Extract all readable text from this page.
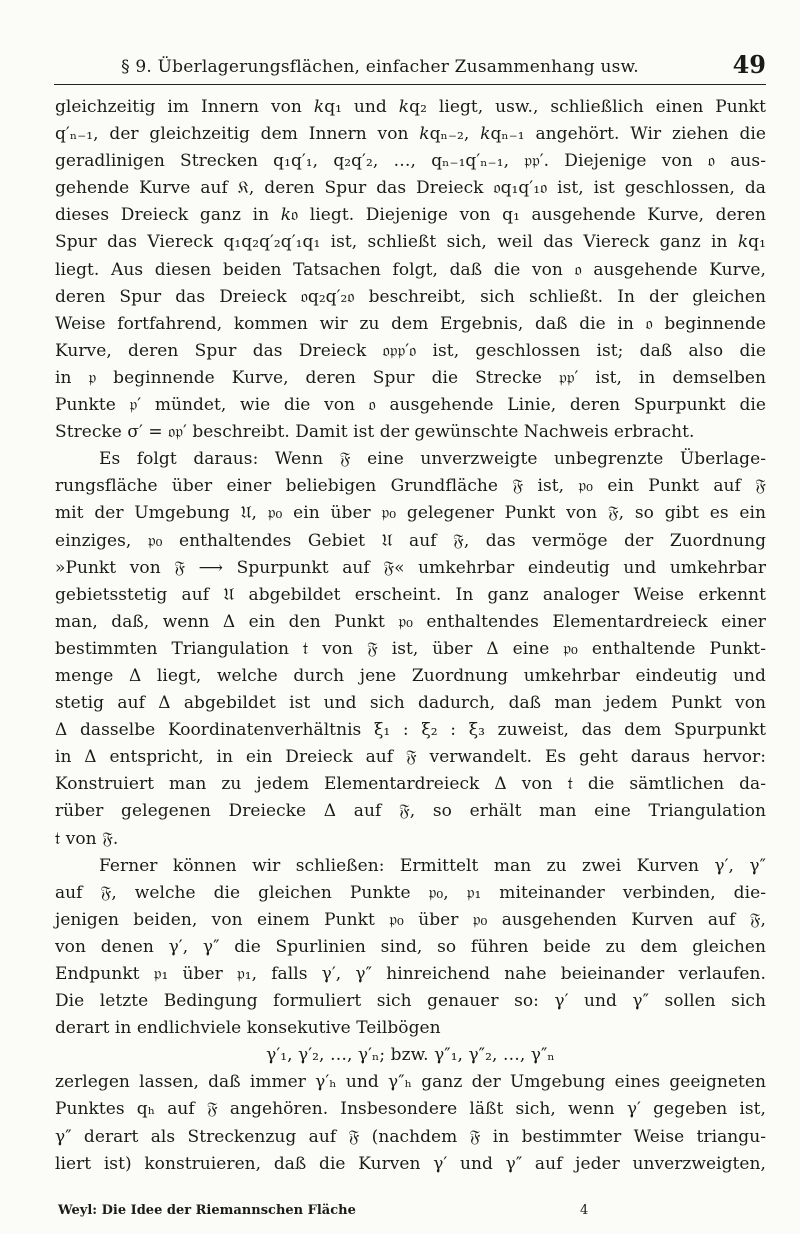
§ 9. Überlagerungsflächen, einfacher Zusammenhang usw.	49
gleichzeitig im Innern von 𝑘q₁ und 𝑘q₂ liegt, usw., schließlich einen Punkt
q′ₙ₋₁, der gleichzeitig dem Innern von 𝑘qₙ₋₂, 𝑘qₙ₋₁ angehört. Wir ziehen die
geradlinigen Strecken q₁q′₁, q₂q′₂, …, qₙ₋₁q′ₙ₋₁, 𝔭𝔭′. Diejenige von 𝔬 aus-
gehende Kurve auf 𝔎, deren Spur das Dreieck 𝔬q₁q′₁𝔬 ist, ist geschlossen, da
dieses Dreieck ganz in 𝑘𝔬 liegt. Diejenige von q₁ ausgehende Kurve, deren
Spur das Viereck q₁q₂q′₂q′₁q₁ ist, schließt sich, weil das Viereck ganz in 𝑘q₁
liegt. Aus diesen beiden Tatsachen folgt, daß die von 𝔬 ausgehende Kurve,
deren Spur das Dreieck 𝔬q₂q′₂𝔬 beschreibt, sich schließt. In der gleichen
Weise fortfahrend, kommen wir zu dem Ergebnis, daß die in 𝔬 beginnende
Kurve, deren Spur das Dreieck 𝔬𝔭𝔭′𝔬 ist, geschlossen ist; daß also die
in 𝔭 beginnende Kurve, deren Spur die Strecke 𝔭𝔭′ ist, in demselben
Punkte 𝔭′ mündet, wie die von 𝔬 ausgehende Linie, deren Spurpunkt die
Strecke σ′ = 𝔬𝔭′ beschreibt. Damit ist der gewünschte Nachweis erbracht.
Es folgt daraus: Wenn 𝔉 eine unverzweigte unbegrenzte Überlage-
rungsfläche über einer beliebigen Grundfläche 𝔉 ist, 𝔭₀ ein Punkt auf 𝔉
mit der Umgebung 𝔘, 𝔭₀ ein über 𝔭₀ gelegener Punkt von 𝔉, so gibt es ein
einziges, 𝔭₀ enthaltendes Gebiet 𝔘 auf 𝔉, das vermöge der Zuordnung
»Punkt von 𝔉 ⟶ Spurpunkt auf 𝔉« umkehrbar eindeutig und umkehrbar
gebietsstetig auf 𝔘 abgebildet erscheint. In ganz analoger Weise erkennt
man, daß, wenn Δ ein den Punkt 𝔭₀ enthaltendes Elementardreieck einer
bestimmten Triangulation 𝔱 von 𝔉 ist, über Δ eine 𝔭₀ enthaltende Punkt-
menge Δ liegt, welche durch jene Zuordnung umkehrbar eindeutig und
stetig auf Δ abgebildet ist und sich dadurch, daß man jedem Punkt von
Δ dasselbe Koordinatenverhältnis ξ₁ : ξ₂ : ξ₃ zuweist, das dem Spurpunkt
in Δ entspricht, in ein Dreieck auf 𝔉 verwandelt. Es geht daraus hervor:
Konstruiert man zu jedem Elementardreieck Δ von 𝔱 die sämtlichen da-
rüber gelegenen Dreiecke Δ auf 𝔉, so erhält man eine Triangulation
𝔱 von 𝔉.
Ferner können wir schließen: Ermittelt man zu zwei Kurven γ′, γ″
auf 𝔉, welche die gleichen Punkte 𝔭₀, 𝔭₁ miteinander verbinden, die-
jenigen beiden, von einem Punkt 𝔭₀ über 𝔭₀ ausgehenden Kurven auf 𝔉,
von denen γ′, γ″ die Spurlinien sind, so führen beide zu dem gleichen
Endpunkt 𝔭₁ über 𝔭₁, falls γ′, γ″ hinreichend nahe beieinander verlaufen.
Die letzte Bedingung formuliert sich genauer so: γ′ und γ″ sollen sich
derart in endlichviele konsekutive Teilbögen
γ′₁, γ′₂, …, γ′ₙ; bzw. γ″₁, γ″₂, …, γ″ₙ
zerlegen lassen, daß immer γ′ₕ und γ″ₕ ganz der Umgebung eines geeigneten
Punktes qₕ auf 𝔉 angehören. Insbesondere läßt sich, wenn γ′ gegeben ist,
γ″ derart als Streckenzug auf 𝔉 (nachdem 𝔉 in bestimmter Weise triangu-
liert ist) konstruieren, daß die Kurven γ′ und γ″ auf jeder unverzweigten,
Weyl: Die Idee der Riemannschen Fläche	4
